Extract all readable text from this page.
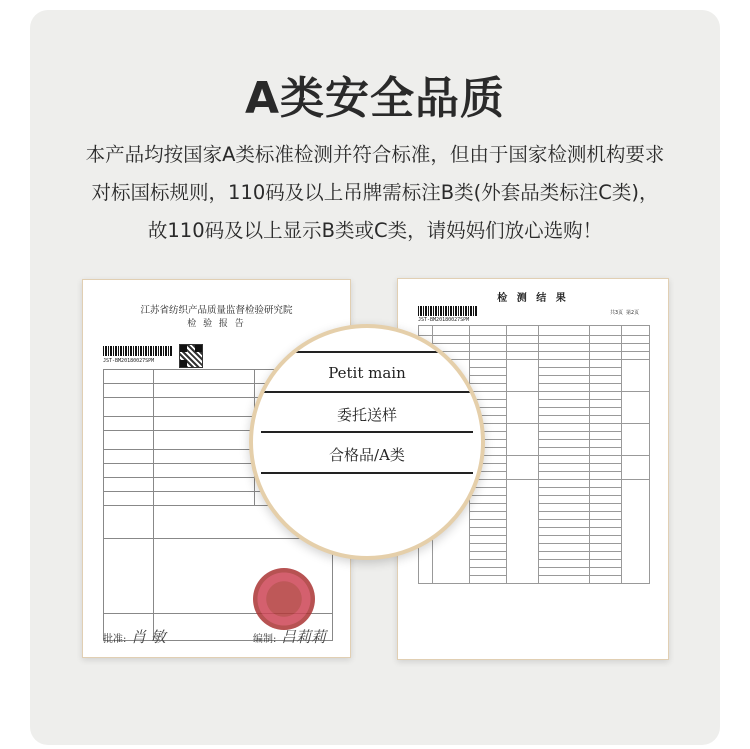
A类安全品质
本产品均按国家A类标准检测并符合标准，但由于国家检测机构要求
对标国标规则，110码及以上吊牌需标注B类(外套品类标注C类)，
故110码及以上显示B类或C类，请妈妈们放心选购！
江苏省纺织产品质量监督检验研究院
检 验 报 告
JST-BM20180027SPM

批准: 肖 敏	编制: 吕莉莉
检 测 结 果
JST-BM20180027SPM
共3页 第2页

Petit main
委托送样
合格品/A类
